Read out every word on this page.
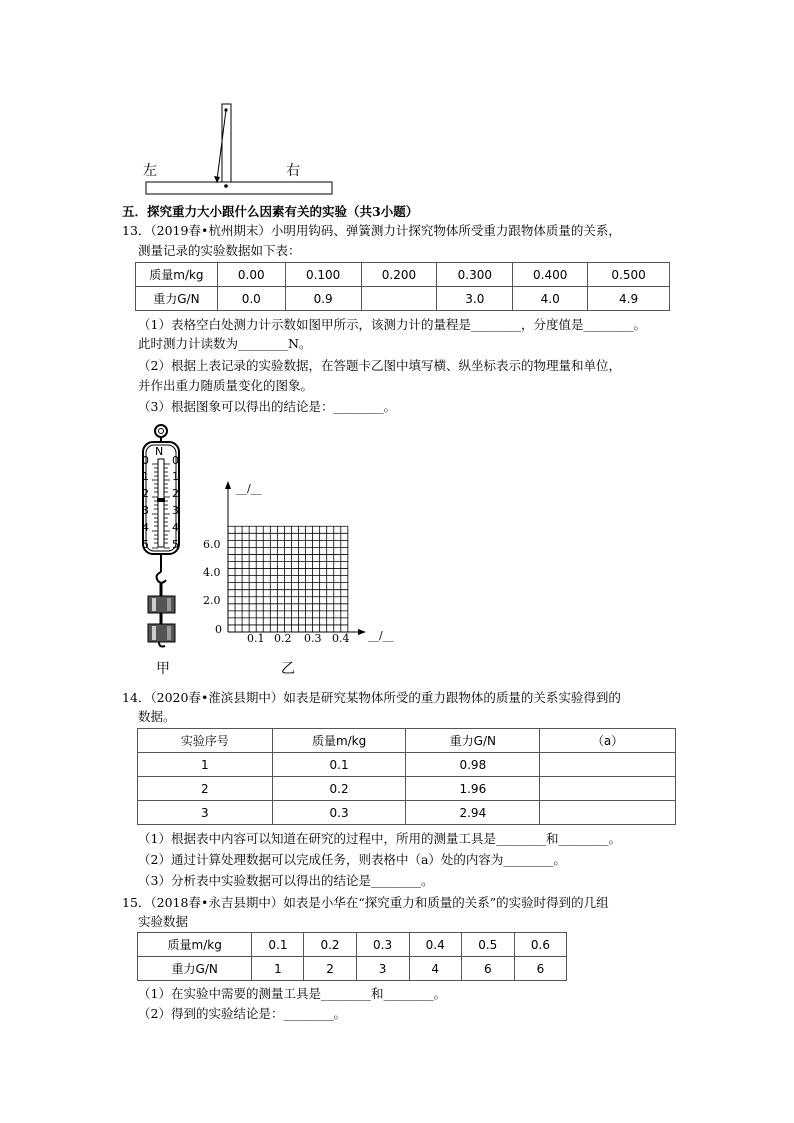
左	右
五．探究重力大小跟什么因素有关的实验（共3小题）
13．（2019春•杭州期末）小明用钩码、弹簧测力计探究物体所受重力跟物体质量的关系，
测量记录的实验数据如下表：
质量m/kg	0.00	0.100	0.200	0.300	0.400	0.500
重力G/N	0.0	0.9		3.0	4.0	4.9
（1）表格空白处测力计示数如图甲所示，该测力计的量程是________，分度值是________。
此时测力计读数为________N。
（2）根据上表记录的实验数据，在答题卡乙图中填写横、纵坐标表示的物理量和单位，
并作出重力随质量变化的图象。
（3）根据图象可以得出的结论是：________。
N
0
1
2
3
4
5
0
1
2
3
4
5
甲
__/__
__/__
6.0
4.0
2.0
0
0.1 0.2 0.3 0.4
乙
14．（2020春•淮滨县期中）如表是研究某物体所受的重力跟物体的质量的关系实验得到的
数据。
实验序号	质量m/kg	重力G/N	（a）
1	0.1	0.98	
2	0.2	1.96	
3	0.3	2.94	
（1）根据表中内容可以知道在研究的过程中，所用的测量工具是________和________。
（2）通过计算处理数据可以完成任务，则表格中（a）处的内容为________。
（3）分析表中实验数据可以得出的结论是________。
15．（2018春•永吉县期中）如表是小华在“探究重力和质量的关系”的实验时得到的几组
实验数据
质量m/kg	0.1	0.2	0.3	0.4	0.5	0.6
重力G/N	1	2	3	4	6	6
（1）在实验中需要的测量工具是________和________。
（2）得到的实验结论是：________。
